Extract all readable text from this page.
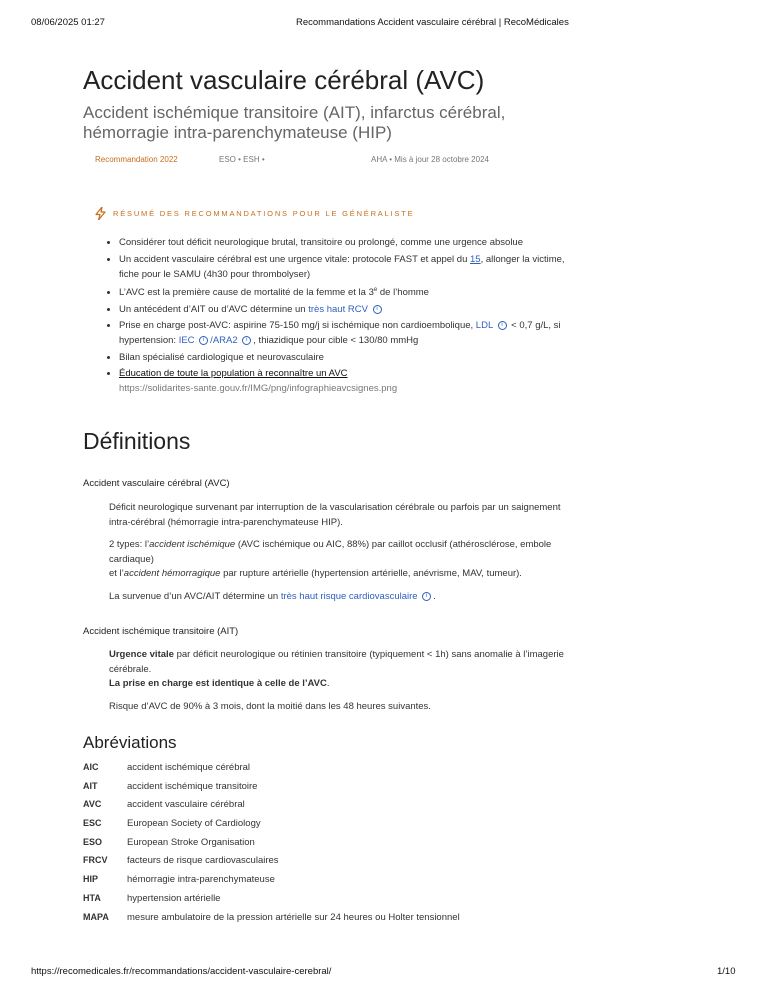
08/06/2025 01:27	Recommandations Accident vasculaire cérébral | RecoMédicales
Accident vasculaire cérébral (AVC)

Accident ischémique transitoire (AIT), infarctus cérébral, hémorragie intra-parenchymateuse (HIP)

Recommandation 2022	ESO • ESH •	AHA • Mis à jour 28 octobre 2024
RÉSUMÉ DES RECOMMANDATIONS POUR LE GÉNÉRALISTE
• Considérer tout déficit neurologique brutal, transitoire ou prolongé, comme une urgence absolue
• Un accident vasculaire cérébral est une urgence vitale: protocole FAST et appel du 15, allonger la victime, fiche pour le SAMU (4h30 pour thrombolyser)
• L’AVC est la première cause de mortalité de la femme et la 3e de l’homme
• Un antécédent d’AIT ou d’AVC détermine un très haut RCV i
• Prise en charge post-AVC: aspirine 75-150 mg/j si ischémique non cardioembolique, LDL i < 0,7 g/L, si hypertension: IEC i /ARA2 i , thiazidique pour cible < 130/80 mmHg
• Bilan spécialisé cardiologique et neurovasculaire
• Éducation de toute la population à reconnaître un AVC
https://solidarites-sante.gouv.fr/IMG/png/infographieavcsignes.png
Définitions
Accident vasculaire cérébral (AVC)

Déficit neurologique survenant par interruption de la vascularisation cérébrale ou parfois par un saignement intra-cérébral (hémorragie intra-parenchymateuse HIP).

2 types: l’accident ischémique (AVC ischémique ou AIC, 88%) par caillot occlusif (athérosclérose, embole cardiaque)
et l’accident hémorragique par rupture artérielle (hypertension artérielle, anévrisme, MAV, tumeur).

La survenue d’un AVC/AIT détermine un très haut risque cardiovasculaire i .

Accident ischémique transitoire (AIT)

Urgence vitale par déficit neurologique ou rétinien transitoire (typiquement < 1h) sans anomalie à l’imagerie cérébrale.
La prise en charge est identique à celle de l’AVC.

Risque d’AVC de 90% à 3 mois, dont la moitié dans les 48 heures suivantes.

Abréviations
AIC	accident ischémique cérébral
AIT	accident ischémique transitoire
AVC	accident vasculaire cérébral
ESC	European Society of Cardiology
ESO	European Stroke Organisation
FRCV	facteurs de risque cardiovasculaires
HIP	hémorragie intra-parenchymateuse
HTA	hypertension artérielle
MAPA	mesure ambulatoire de la pression artérielle sur 24 heures ou Holter tensionnel
https://recomedicales.fr/recommandations/accident-vasculaire-cerebral/	1/10
